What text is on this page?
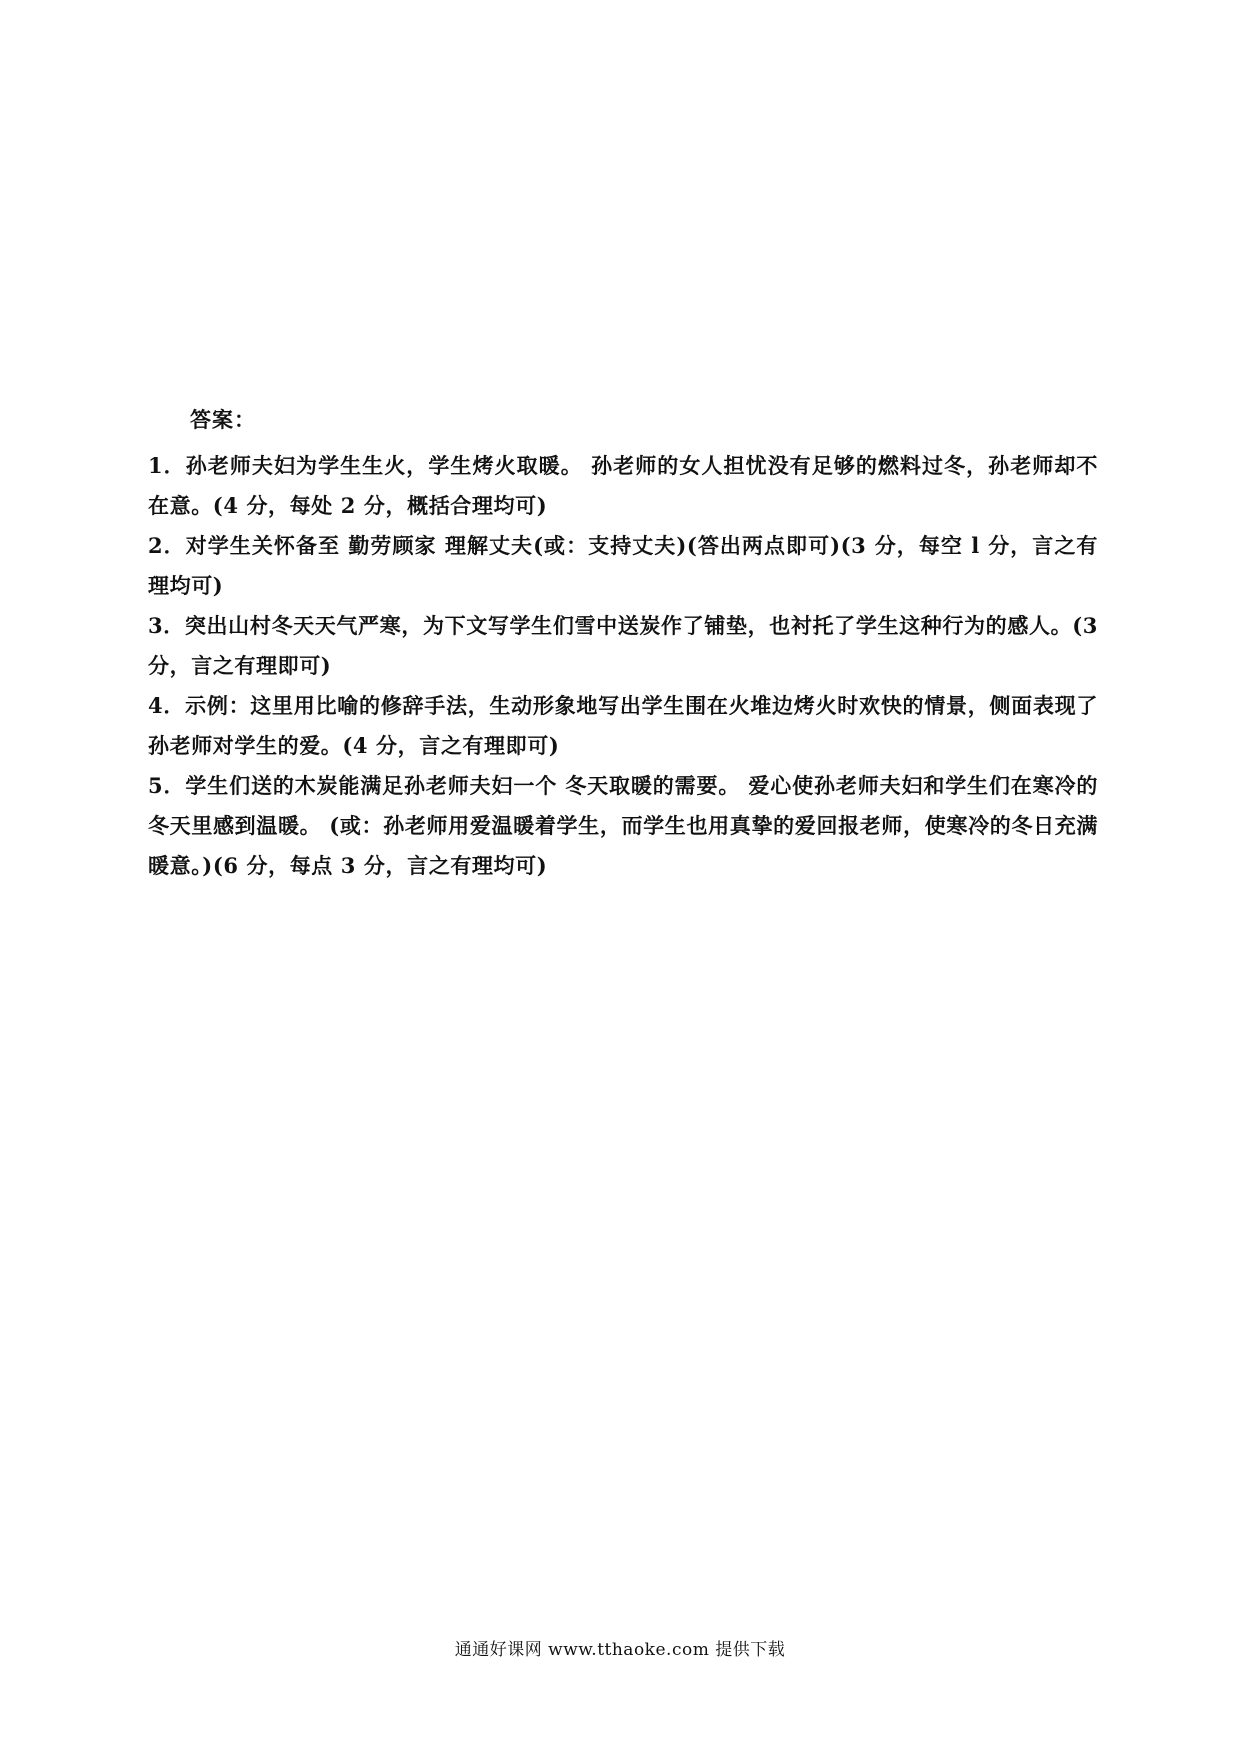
答案：

1．孙老师夫妇为学生生火，学生烤火取暖。 孙老师的女人担忧没有足够的燃料过冬，孙老师却不在意。(4 分，每处 2 分，概括合理均可)

2．对学生关怀备至 勤劳顾家 理解丈夫(或：支持丈夫)(答出两点即可)(3 分，每空 l 分，言之有理均可)

3．突出山村冬天天气严寒，为下文写学生们雪中送炭作了铺垫，也衬托了学生这种行为的感人。(3 分，言之有理即可)

4．示例：这里用比喻的修辞手法，生动形象地写出学生围在火堆边烤火时欢快的情景，侧面表现了孙老师对学生的爱。(4 分，言之有理即可)

5．学生们送的木炭能满足孙老师夫妇一个 冬天取暖的需要。 爱心使孙老师夫妇和学生们在寒冷的冬天里感到温暖。 (或：孙老师用爱温暖着学生，而学生也用真挚的爱回报老师，使寒冷的冬日充满暖意。)(6 分，每点 3 分，言之有理均可)

通通好课网 www.tthaoke.com 提供下载
